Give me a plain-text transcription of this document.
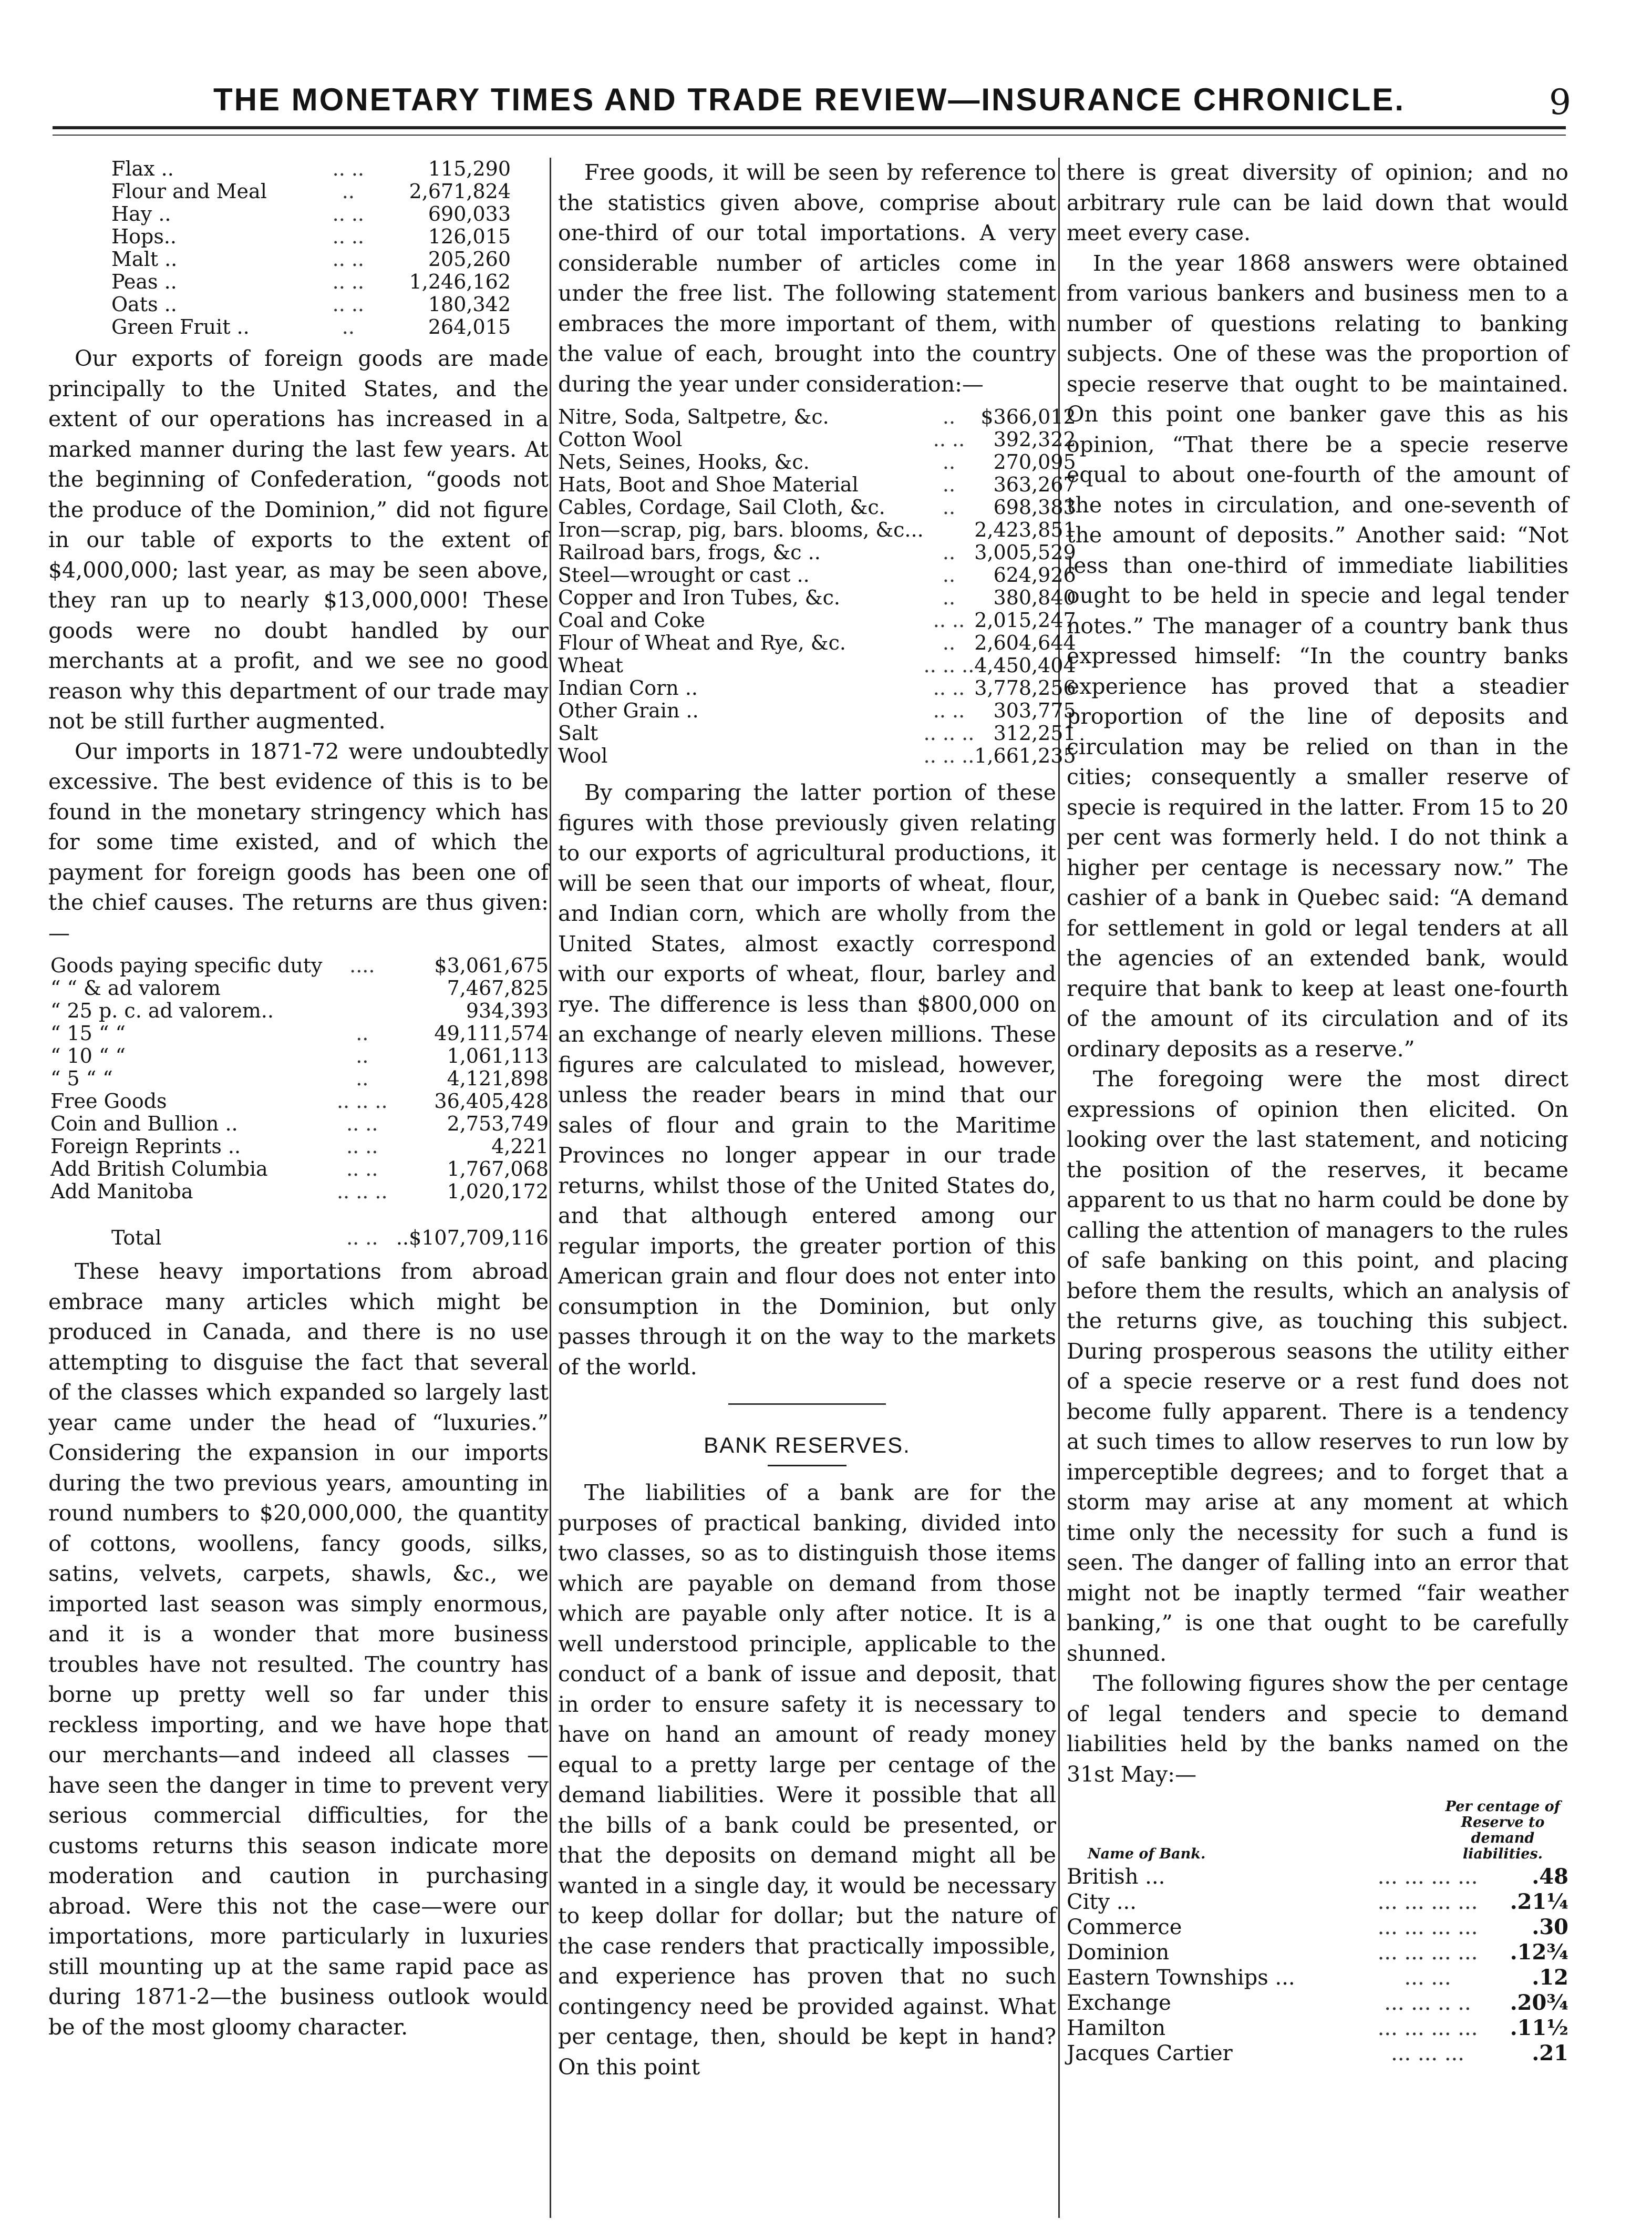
THE MONETARY TIMES AND TRADE REVIEW—INSURANCE CHRONICLE.	9
Flax ..	.. ..	115,290
Flour and Meal	..	2,671,824
Hay ..	.. ..	690,033
Hops..	.. ..	126,015
Malt ..	.. ..	205,260
Peas ..	.. ..	1,246,162
Oats ..	.. ..	180,342
Green Fruit ..	..	264,015

Our exports of foreign goods are made principally to the United States, and the extent of our operations has increased in a marked manner during the last few years. At the beginning of Confederation, “goods not the produce of the Dominion,” did not figure in our table of exports to the extent of $4,000,000; last year, as may be seen above, they ran up to nearly $13,000,000! These goods were no doubt handled by our merchants at a profit, and we see no good reason why this department of our trade may not be still further augmented.

Our imports in 1871-72 were undoubtedly excessive. The best evidence of this is to be found in the monetary stringency which has for some time existed, and of which the payment for foreign goods has been one of the chief causes. The returns are thus given:—

Goods paying specific duty	....	$3,061,675
“ “ & ad valorem		7,467,825
“ 25 p. c. ad valorem..		934,393
“ 15 “ “	..	49,111,574
“ 10 “ “	..	1,061,113
“ 5 “ “	..	4,121,898
Free Goods	.. .. ..	36,405,428
Coin and Bullion ..	.. ..	2,753,749
Foreign Reprints ..	.. ..	4,221
Add British Columbia	.. ..	1,767,068
Add Manitoba	.. .. ..	1,020,172

Total	.. ..	..$107,709,116

These heavy importations from abroad embrace many articles which might be produced in Canada, and there is no use attempting to disguise the fact that several of the classes which expanded so largely last year came under the head of “luxuries.” Considering the expansion in our imports during the two previous years, amounting in round numbers to $20,000,000, the quantity of cottons, woollens, fancy goods, silks, satins, velvets, carpets, shawls, &c., we imported last season was simply enormous, and it is a wonder that more business troubles have not resulted. The country has borne up pretty well so far under this reckless importing, and we have hope that our merchants—and indeed all classes —have seen the danger in time to prevent very serious commercial difficulties, for the customs returns this season indicate more moderation and caution in purchasing abroad. Were this not the case—were our importations, more particularly in luxuries still mounting up at the same rapid pace as during 1871-2—the business outlook would be of the most gloomy character.

Free goods, it will be seen by reference to the statistics given above, comprise about one-third of our total importations. A very considerable number of articles come in under the free list. The following statement embraces the more important of them, with the value of each, brought into the country during the year under consideration:—

Nitre, Soda, Saltpetre, &c.	..	$366,012
Cotton Wool	.. ..	392,322
Nets, Seines, Hooks, &c.	..	270,095
Hats, Boot and Shoe Material	..	363,267
Cables, Cordage, Sail Cloth, &c.	..	698,383
Iron—scrap, pig, bars. blooms, &c...		2,423,851
Railroad bars, frogs, &c ..	..	3,005,529
Steel—wrought or cast ..	..	624,926
Copper and Iron Tubes, &c.	..	380,840
Coal and Coke	.. ..	2,015,247
Flour of Wheat and Rye, &c.	..	2,604,644
Wheat	.. .. ..	4,450,404
Indian Corn ..	.. ..	3,778,256
Other Grain ..	.. ..	303,775
Salt	.. .. ..	312,251
Wool	.. .. ..	1,661,235

By comparing the latter portion of these figures with those previously given relating to our exports of agricultural productions, it will be seen that our imports of wheat, flour, and Indian corn, which are wholly from the United States, almost exactly correspond with our exports of wheat, flour, barley and rye. The difference is less than $800,000 on an exchange of nearly eleven millions. These figures are calculated to mislead, however, unless the reader bears in mind that our sales of flour and grain to the Maritime Provinces no longer appear in our trade returns, whilst those of the United States do, and that although entered among our regular imports, the greater portion of this American grain and flour does not enter into consumption in the Dominion, but only passes through it on the way to the markets of the world.

BANK RESERVES.

The liabilities of a bank are for the purposes of practical banking, divided into two classes, so as to distinguish those items which are payable on demand from those which are payable only after notice. It is a well understood principle, applicable to the conduct of a bank of issue and deposit, that in order to ensure safety it is necessary to have on hand an amount of ready money equal to a pretty large per centage of the demand liabilities. Were it possible that all the bills of a bank could be presented, or that the deposits on demand might all be wanted in a single day, it would be necessary to keep dollar for dollar; but the nature of the case renders that practically impossible, and experience has proven that no such contingency need be provided against. What per centage, then, should be kept in hand? On this point

there is great diversity of opinion; and no arbitrary rule can be laid down that would meet every case.

In the year 1868 answers were obtained from various bankers and business men to a number of questions relating to banking subjects. One of these was the proportion of specie reserve that ought to be maintained. On this point one banker gave this as his opinion, “That there be a specie reserve equal to about one-fourth of the amount of the notes in circulation, and one-seventh of the amount of deposits.” Another said: “Not less than one-third of immediate liabilities ought to be held in specie and legal tender notes.” The manager of a country bank thus expressed himself: “In the country banks experience has proved that a steadier proportion of the line of deposits and circulation may be relied on than in the cities; consequently a smaller reserve of specie is required in the latter. From 15 to 20 per cent was formerly held. I do not think a higher per centage is necessary now.” The cashier of a bank in Quebec said: “A demand for settlement in gold or legal tenders at all the agencies of an extended bank, would require that bank to keep at least one-fourth of the amount of its circulation and of its ordinary deposits as a reserve.”

The foregoing were the most direct expressions of opinion then elicited. On looking over the last statement, and noticing the position of the reserves, it became apparent to us that no harm could be done by calling the attention of managers to the rules of safe banking on this point, and placing before them the results, which an analysis of the returns give, as touching this subject. During prosperous seasons the utility either of a specie reserve or a rest fund does not become fully apparent. There is a tendency at such times to allow reserves to run low by imperceptible degrees; and to forget that a storm may arise at any moment at which time only the necessity for such a fund is seen. The danger of falling into an error that might not be inaptly termed “fair weather banking,” is one that ought to be carefully shunned.

The following figures show the per centage of legal tenders and specie to demand liabilities held by the banks named on the 31st May:—

Name of Bank.
Per centage of Reserve to demand liabilities.
British ...	... ... ... ...	.48
City ...	... ... ... ...	.21¼
Commerce	... ... ... ...	.30
Dominion	... ... ... ...	.12¾
Eastern Townships ...	... ...	.12
Exchange	... ... .. ..	.20¾
Hamilton	... ... ... ...	.11½
Jacques Cartier	... ... ...	.21
